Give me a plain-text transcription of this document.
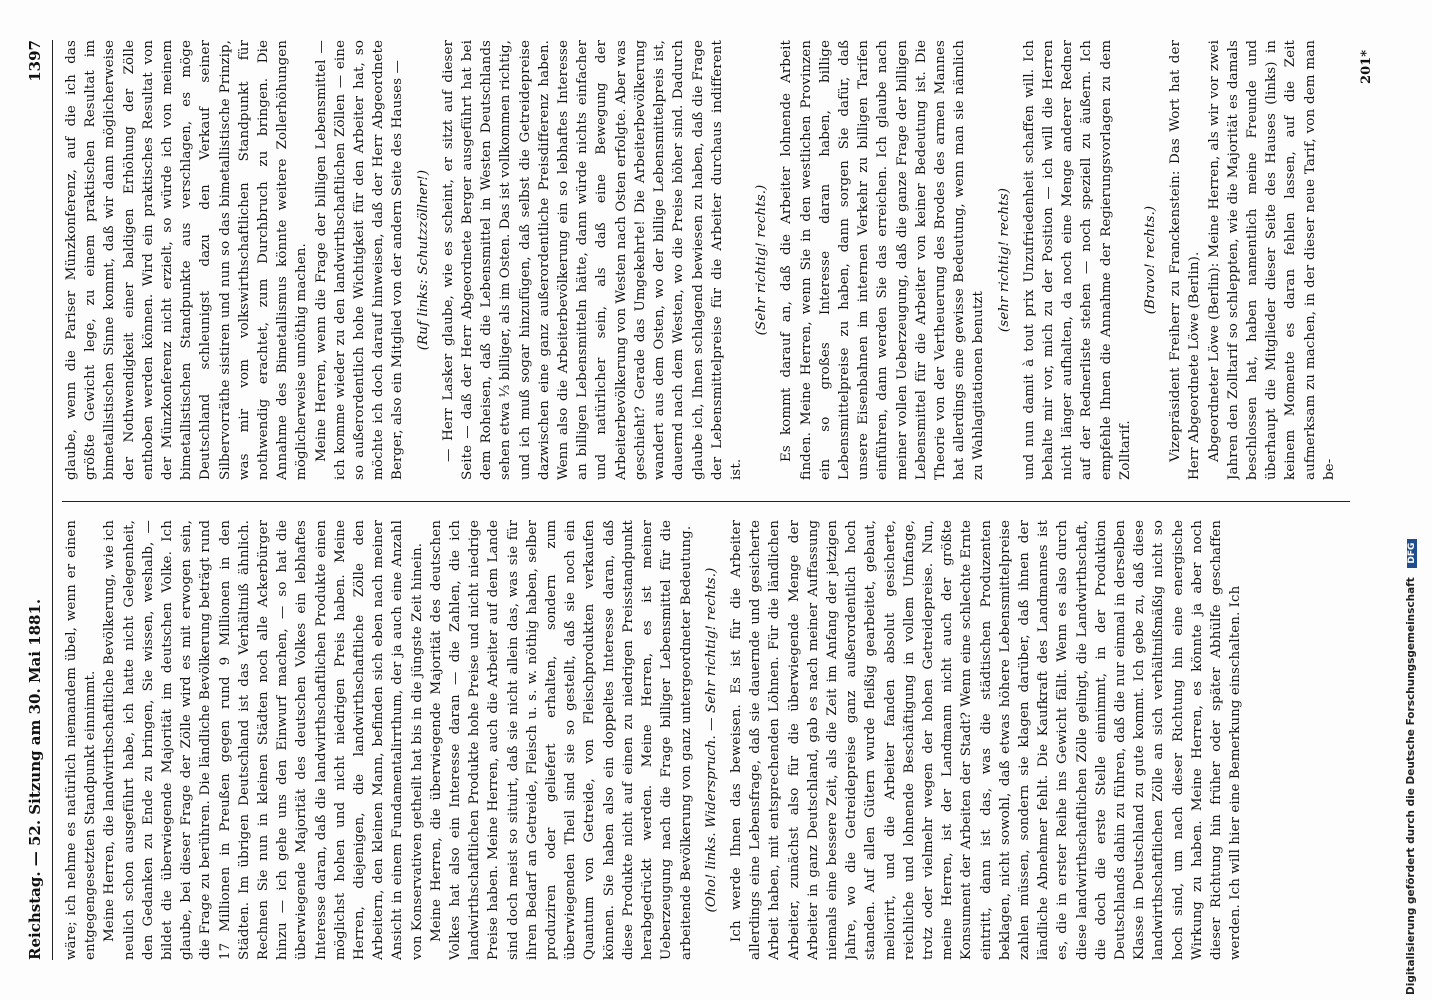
Reichstag. — 52. Sitzung am 30. Mai 1881.
1397

wäre; ich nehme es natürlich niemandem übel, wenn er einen entgegengesetzten Standpunkt einnimmt. Meine Herren, die landwirthschaftliche Bevölkerung, wie ich neulich schon ausgeführt habe, ich hatte nicht Gelegenheit, den Gedanken zu Ende zu bringen, Sie wissen, weshalb, — bildet die überwiegende Majorität im deutschen Volke. Ich glaube, bei dieser Frage der Zölle wird es mit erwogen sein, die Frage zu berühren. Die ländliche Bevölkerung beträgt rund 17 Millionen in Preußen gegen rund 9 Millionen in den Städten. Im übrigen Deutschland ist das Verhältniß ähnlich. Rechnen Sie nun in kleinen Städten noch alle Ackerbürger hinzu — ich gehe uns den Einwurf machen, — so hat die überwiegende Majorität des deutschen Volkes ein lebhaftes Interesse daran, daß die landwirthschaftlichen Produkte einen möglichst hohen und nicht niedrigen Preis haben. Meine Herren, diejenigen, die landwirthschaftliche Zölle den Arbeitern, den kleinen Mann, befinden sich eben nach meiner Ansicht in einem Fundamentalirrthum, der ja auch eine Anzahl von Konservativen getheilt hat bis in die jüngste Zeit hinein. Meine Herren, die überwiegende Majorität des deutschen Volkes hat also ein Interesse daran — die Zahlen, die ich landwirthschaftlichen Produkte hohe Preise und nicht niedrige Preise haben. Meine Herren, auch die Arbeiter auf dem Lande sind doch meist so situirt, daß sie nicht allein das, was sie für ihren Bedarf an Getreide, Fleisch u. s. w. nöthig haben, selber produziren oder geliefert erhalten, sondern zum überwiegenden Theil sind sie so gestellt, daß sie noch ein Quantum von Getreide, von Fleischprodukten verkaufen können. Sie haben also ein doppeltes Interesse daran, daß diese Produkte nicht auf einen zu niedrigen Preisstandpunkt herabgedrückt werden. Meine Herren, es ist meiner Ueberzeugung nach die Frage billiger Lebensmittel für die arbeitende Bevölkerung von ganz untergeordneter Bedeutung. (Oho! links. Widerspruch. — Sehr richtig! rechts.) Ich werde Ihnen das beweisen. Es ist für die Arbeiter allerdings eine Lebensfrage, daß sie dauernde und gesicherte Arbeit haben, mit entsprechenden Löhnen. Für die ländlichen Arbeiter, zunächst also für die überwiegende Menge der Arbeiter in ganz Deutschland, gab es nach meiner Auffassung niemals eine bessere Zeit, als die Zeit im Anfang der jetzigen Jahre, wo die Getreidepreise ganz außerordentlich hoch standen. Auf allen Gütern wurde fleißig gearbeitet, gebaut, meliorirt, und die Arbeiter fanden absolut gesicherte, reichliche und lohnende Beschäftigung in vollem Umfange, trotz oder vielmehr wegen der hohen Getreidepreise. Nun, meine Herren, ist der Landmann nicht auch der größte Konsument der Arbeiten der Stadt? Wenn eine schlechte Ernte eintritt, dann ist das, was die städtischen Produzenten beklagen, nicht sowohl, daß etwas höhere Lebensmittelpreise zahlen müssen, sondern sie klagen darüber, daß ihnen der ländliche Abnehmer fehlt. Die Kaufkraft des Landmannes ist es, die in erster Reihe ins Gewicht fällt. Wenn es also durch diese landwirthschaftlichen Zölle gelingt, die Landwirthschaft, die doch die erste Stelle einnimmt, in der Produktion Deutschlands dahin zu führen, daß die nur einmal in derselben Klasse in Deutschland zu gute kommt. Ich gebe zu, daß diese landwirthschaftlichen Zölle an sich verhältnißmäßig nicht so hoch sind, um nach dieser Richtung hin eine energische Wirkung zu haben. Meine Herren, es könnte ja aber noch dieser Richtung hin früher oder später Abhülfe geschaffen werden. Ich will hier eine Bemerkung einschalten. Ich

glaube, wenn die Pariser Münzkonferenz, auf die ich das größte Gewicht lege, zu einem praktischen Resultat im bimetallistischen Sinne kommt, daß wir dann möglicherweise der Nothwendigkeit einer baldigen Erhöhung der Zölle enthoben werden können. Wird ein praktisches Resultat von der Münzkonferenz nicht erzielt, so würde ich von meinem bimetallistischen Standpunkte aus verschlagen, es möge Deutschland schleunigst dazu den Verkauf seiner Silbervorräthe sistiren und nun so das bimetallistische Prinzip, was mir vom volkswirthschaftlichen Standpunkt für nothwendig erachtet, zum Durchbruch zu bringen. Die Annahme des Bimetallismus könnte weitere Zollerhöhungen möglicherweise unnöthig machen. Meine Herren, wenn die Frage der billigen Lebensmittel — ich komme wieder zu den landwirthschaftlichen Zöllen — eine so außerordentlich hohe Wichtigkeit für den Arbeiter hat, so möchte ich doch darauf hinweisen, daß der Herr Abgeordnete Berger, also ein Mitglied von der andern Seite des Hauses — (Ruf links: Schutzzöllner!) — Herr Lasker glaube, wie es scheint, er sitzt auf dieser Seite — daß der Herr Abgeordnete Berger ausgeführt hat bei dem Roheisen, daß die Lebensmittel in Westen Deutschlands sehen etwa ⅓ billiger, als im Osten. Das ist vollkommen richtig, und ich muß sogar hinzufügen, daß selbst die Getreidepreise dazwischen eine ganz außerordentliche Preisdifferenz haben. Wenn also die Arbeiterbevölkerung ein so lebhaftes Interesse an billigen Lebensmitteln hätte, dann würde nichts einfacher und natürlicher sein, als daß eine Bewegung der Arbeiterbevölkerung von Westen nach Osten erfolgte. Aber was geschieht? Gerade das Umgekehrte! Die Arbeiterbevölkerung wandert aus dem Osten, wo der billige Lebensmittelpreis ist, dauernd nach dem Westen, wo die Preise höher sind. Dadurch glaube ich, Ihnen schlagend bewiesen zu haben, daß die Frage der Lebensmittelpreise für die Arbeiter durchaus indifferent ist.

(Sehr richtig! rechts.) Es kommt darauf an, daß die Arbeiter lohnende Arbeit finden. Meine Herren, wenn Sie in den westlichen Provinzen ein so großes Interesse daran haben, billige Lebensmittelpreise zu haben, dann sorgen Sie dafür, daß unsere Eisenbahnen im internen Verkehr zu billigen Tarifen einführen, dann werden Sie das erreichen. Ich glaube nach meiner vollen Ueberzeugung, daß die ganze Frage der billigen Lebensmittel für die Arbeiter von keiner Bedeutung ist. Die Theorie von der Vertheuerung des Brodes des armen Mannes hat allerdings eine gewisse Bedeutung, wenn man sie nämlich zu Wahlagitationen benutzt

(sehr richtig! rechts) und nun damit à tout prix Unzufriedenheit schaffen will. Ich behalte mir vor, mich zu der Position — ich will die Herren nicht länger aufhalten, da noch eine Menge anderer Redner auf der Rednerliste stehen — noch speziell zu äußern. Ich empfehle Ihnen die Annahme der Regierungsvorlagen zu dem Zolltarif.

(Bravo! rechts.) Vizepräsident Freiherr zu Franckenstein: Das Wort hat der Herr Abgeordnete Löwe (Berlin). Abgeordneter Löwe (Berlin): Meine Herren, als wir vor zwei Jahren den Zolltarif so schleppten, wie die Majorität es damals beschlossen hat, haben namentlich meine Freunde und überhaupt die Mitglieder dieser Seite des Hauses (links) in keinem Momente es daran fehlen lassen, auf die Zeit aufmerksam zu machen, in der dieser neue Tarif, von dem man be-

201*
Digitalisierung gefördert durch die Deutsche Forschungsgemeinschaft DFG
